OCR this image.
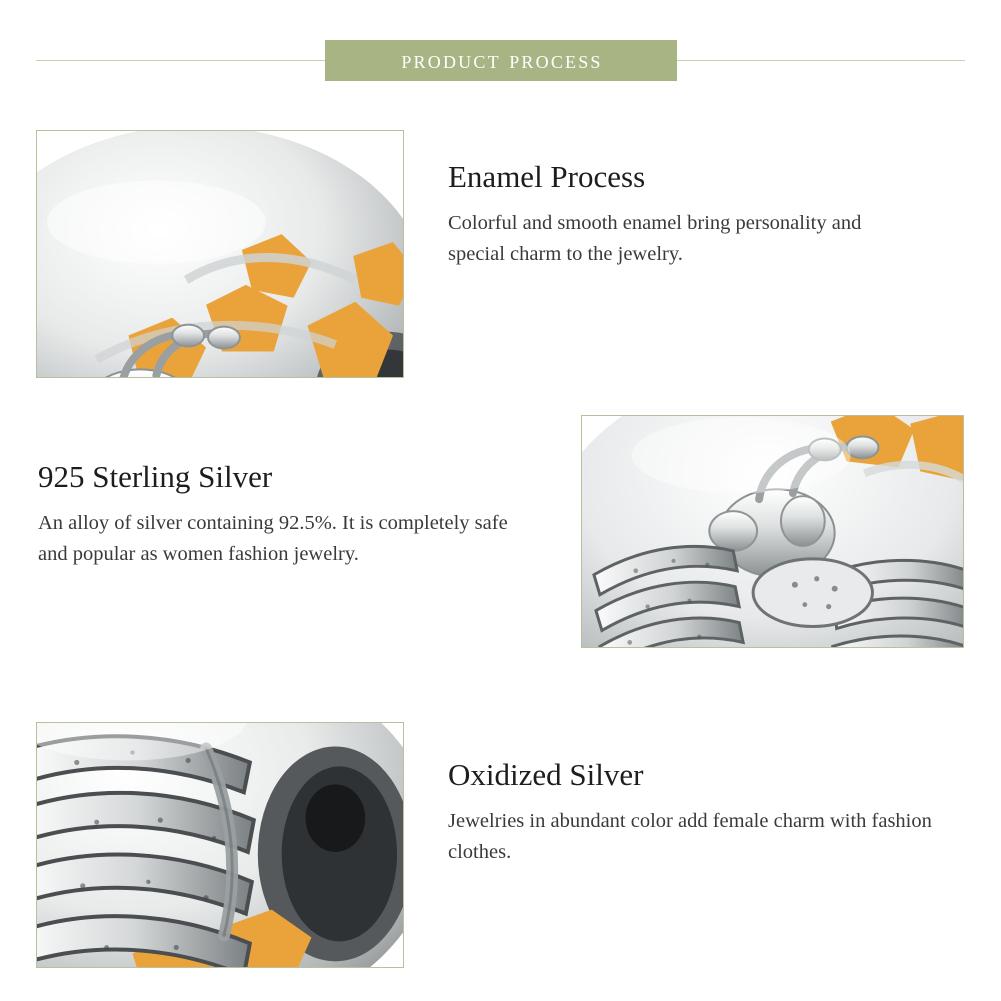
product process
Enamel Process

Colorful and smooth enamel bring personality and special charm to the jewelry.

925 Sterling Silver

An alloy of silver containing 92.5%. It is completely safe and popular as women fashion jewelry.

Oxidized Silver

Jewelries in abundant color add female charm with fashion clothes.
